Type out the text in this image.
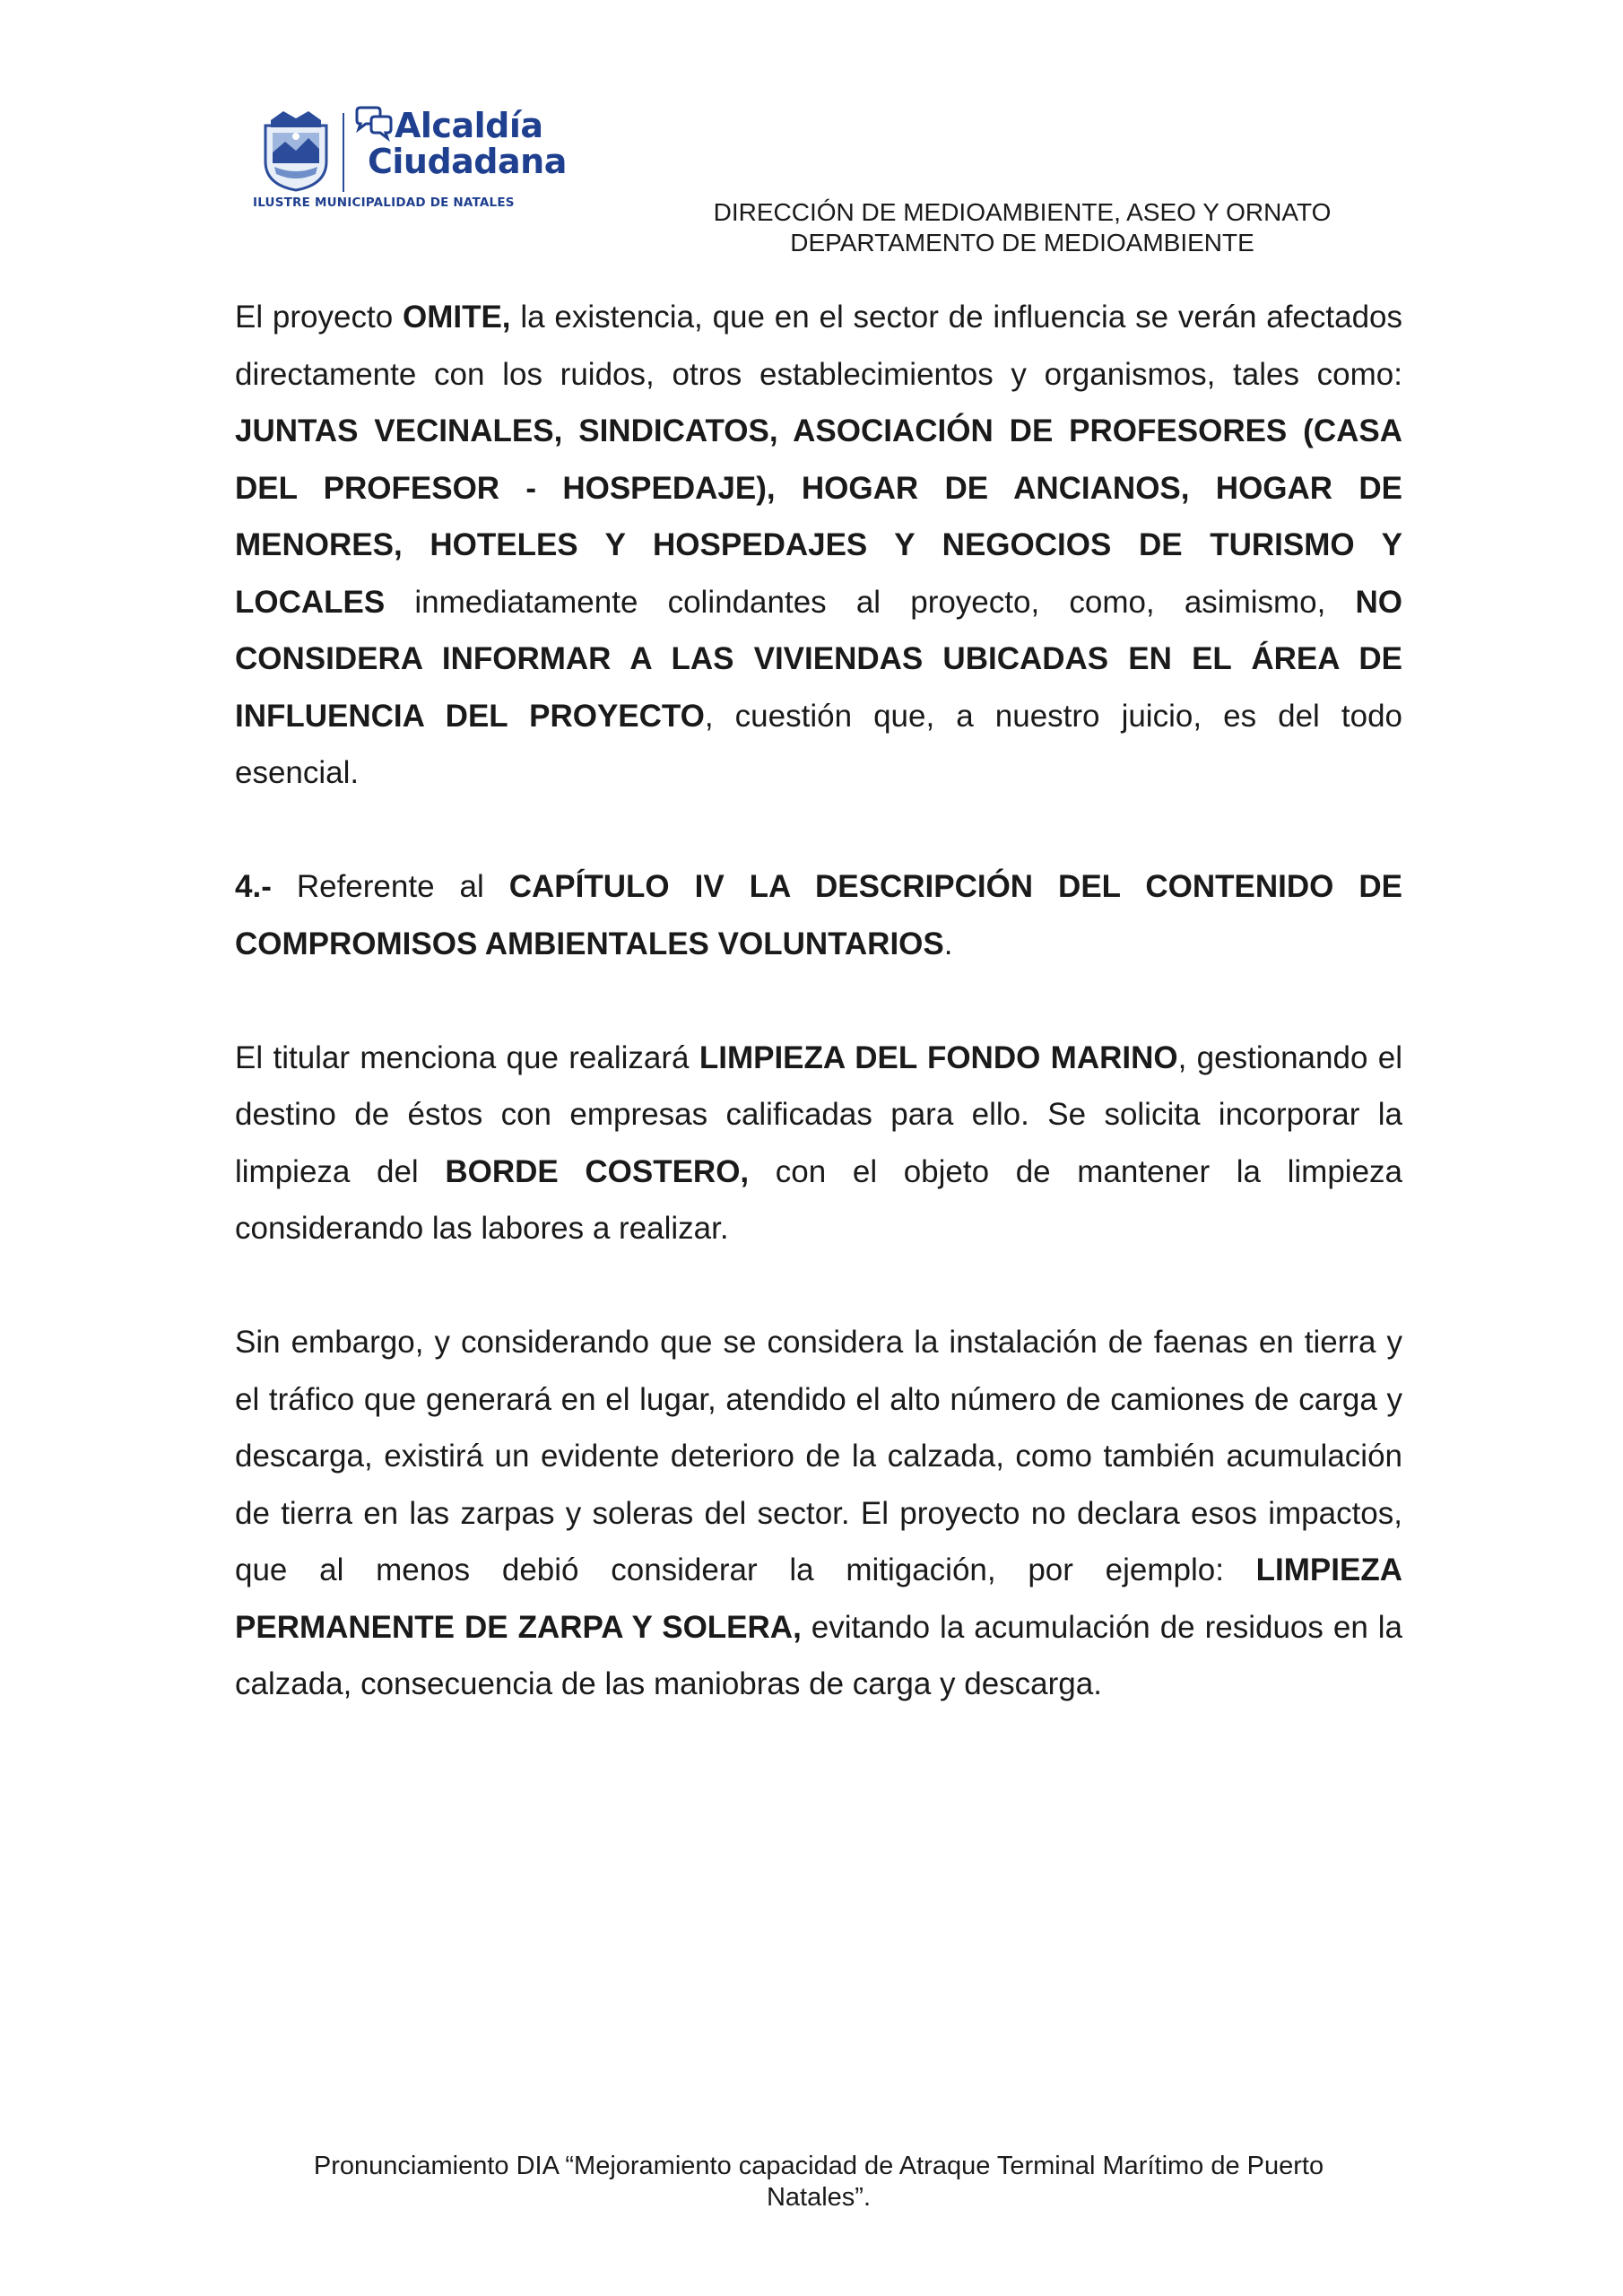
Alcaldía
Ciudadana
ILUSTRE MUNICIPALIDAD DE NATALES	DIRECCIÓN DE MEDIOAMBIENTE, ASEO Y ORNATO
DEPARTAMENTO DE MEDIOAMBIENTE

El proyecto OMITE, la existencia, que en el sector de influencia se verán afectados directamente con los ruidos, otros establecimientos y organismos, tales como: JUNTAS VECINALES, SINDICATOS, ASOCIACIÓN DE PROFESORES (CASA DEL PROFESOR - HOSPEDAJE), HOGAR DE ANCIANOS, HOGAR DE MENORES, HOTELES Y HOSPEDAJES Y NEGOCIOS DE TURISMO Y LOCALES inmediatamente colindantes al proyecto, como, asimismo, NO CONSIDERA INFORMAR A LAS VIVIENDAS UBICADAS EN EL ÁREA DE INFLUENCIA DEL PROYECTO, cuestión que, a nuestro juicio, es del todo esencial.

4.- Referente al CAPÍTULO IV LA DESCRIPCIÓN DEL CONTENIDO DE COMPROMISOS AMBIENTALES VOLUNTARIOS.

El titular menciona que realizará LIMPIEZA DEL FONDO MARINO, gestionando el destino de éstos con empresas calificadas para ello. Se solicita incorporar la limpieza del BORDE COSTERO, con el objeto de mantener la limpieza considerando las labores a realizar.

Sin embargo, y considerando que se considera la instalación de faenas en tierra y el tráfico que generará en el lugar, atendido el alto número de camiones de carga y descarga, existirá un evidente deterioro de la calzada, como también acumulación de tierra en las zarpas y soleras del sector. El proyecto no declara esos impactos, que al menos debió considerar la mitigación, por ejemplo: LIMPIEZA PERMANENTE DE ZARPA Y SOLERA, evitando la acumulación de residuos en la calzada, consecuencia de las maniobras de carga y descarga.

Pronunciamiento DIA “Mejoramiento capacidad de Atraque Terminal Marítimo de Puerto
Natales”.
